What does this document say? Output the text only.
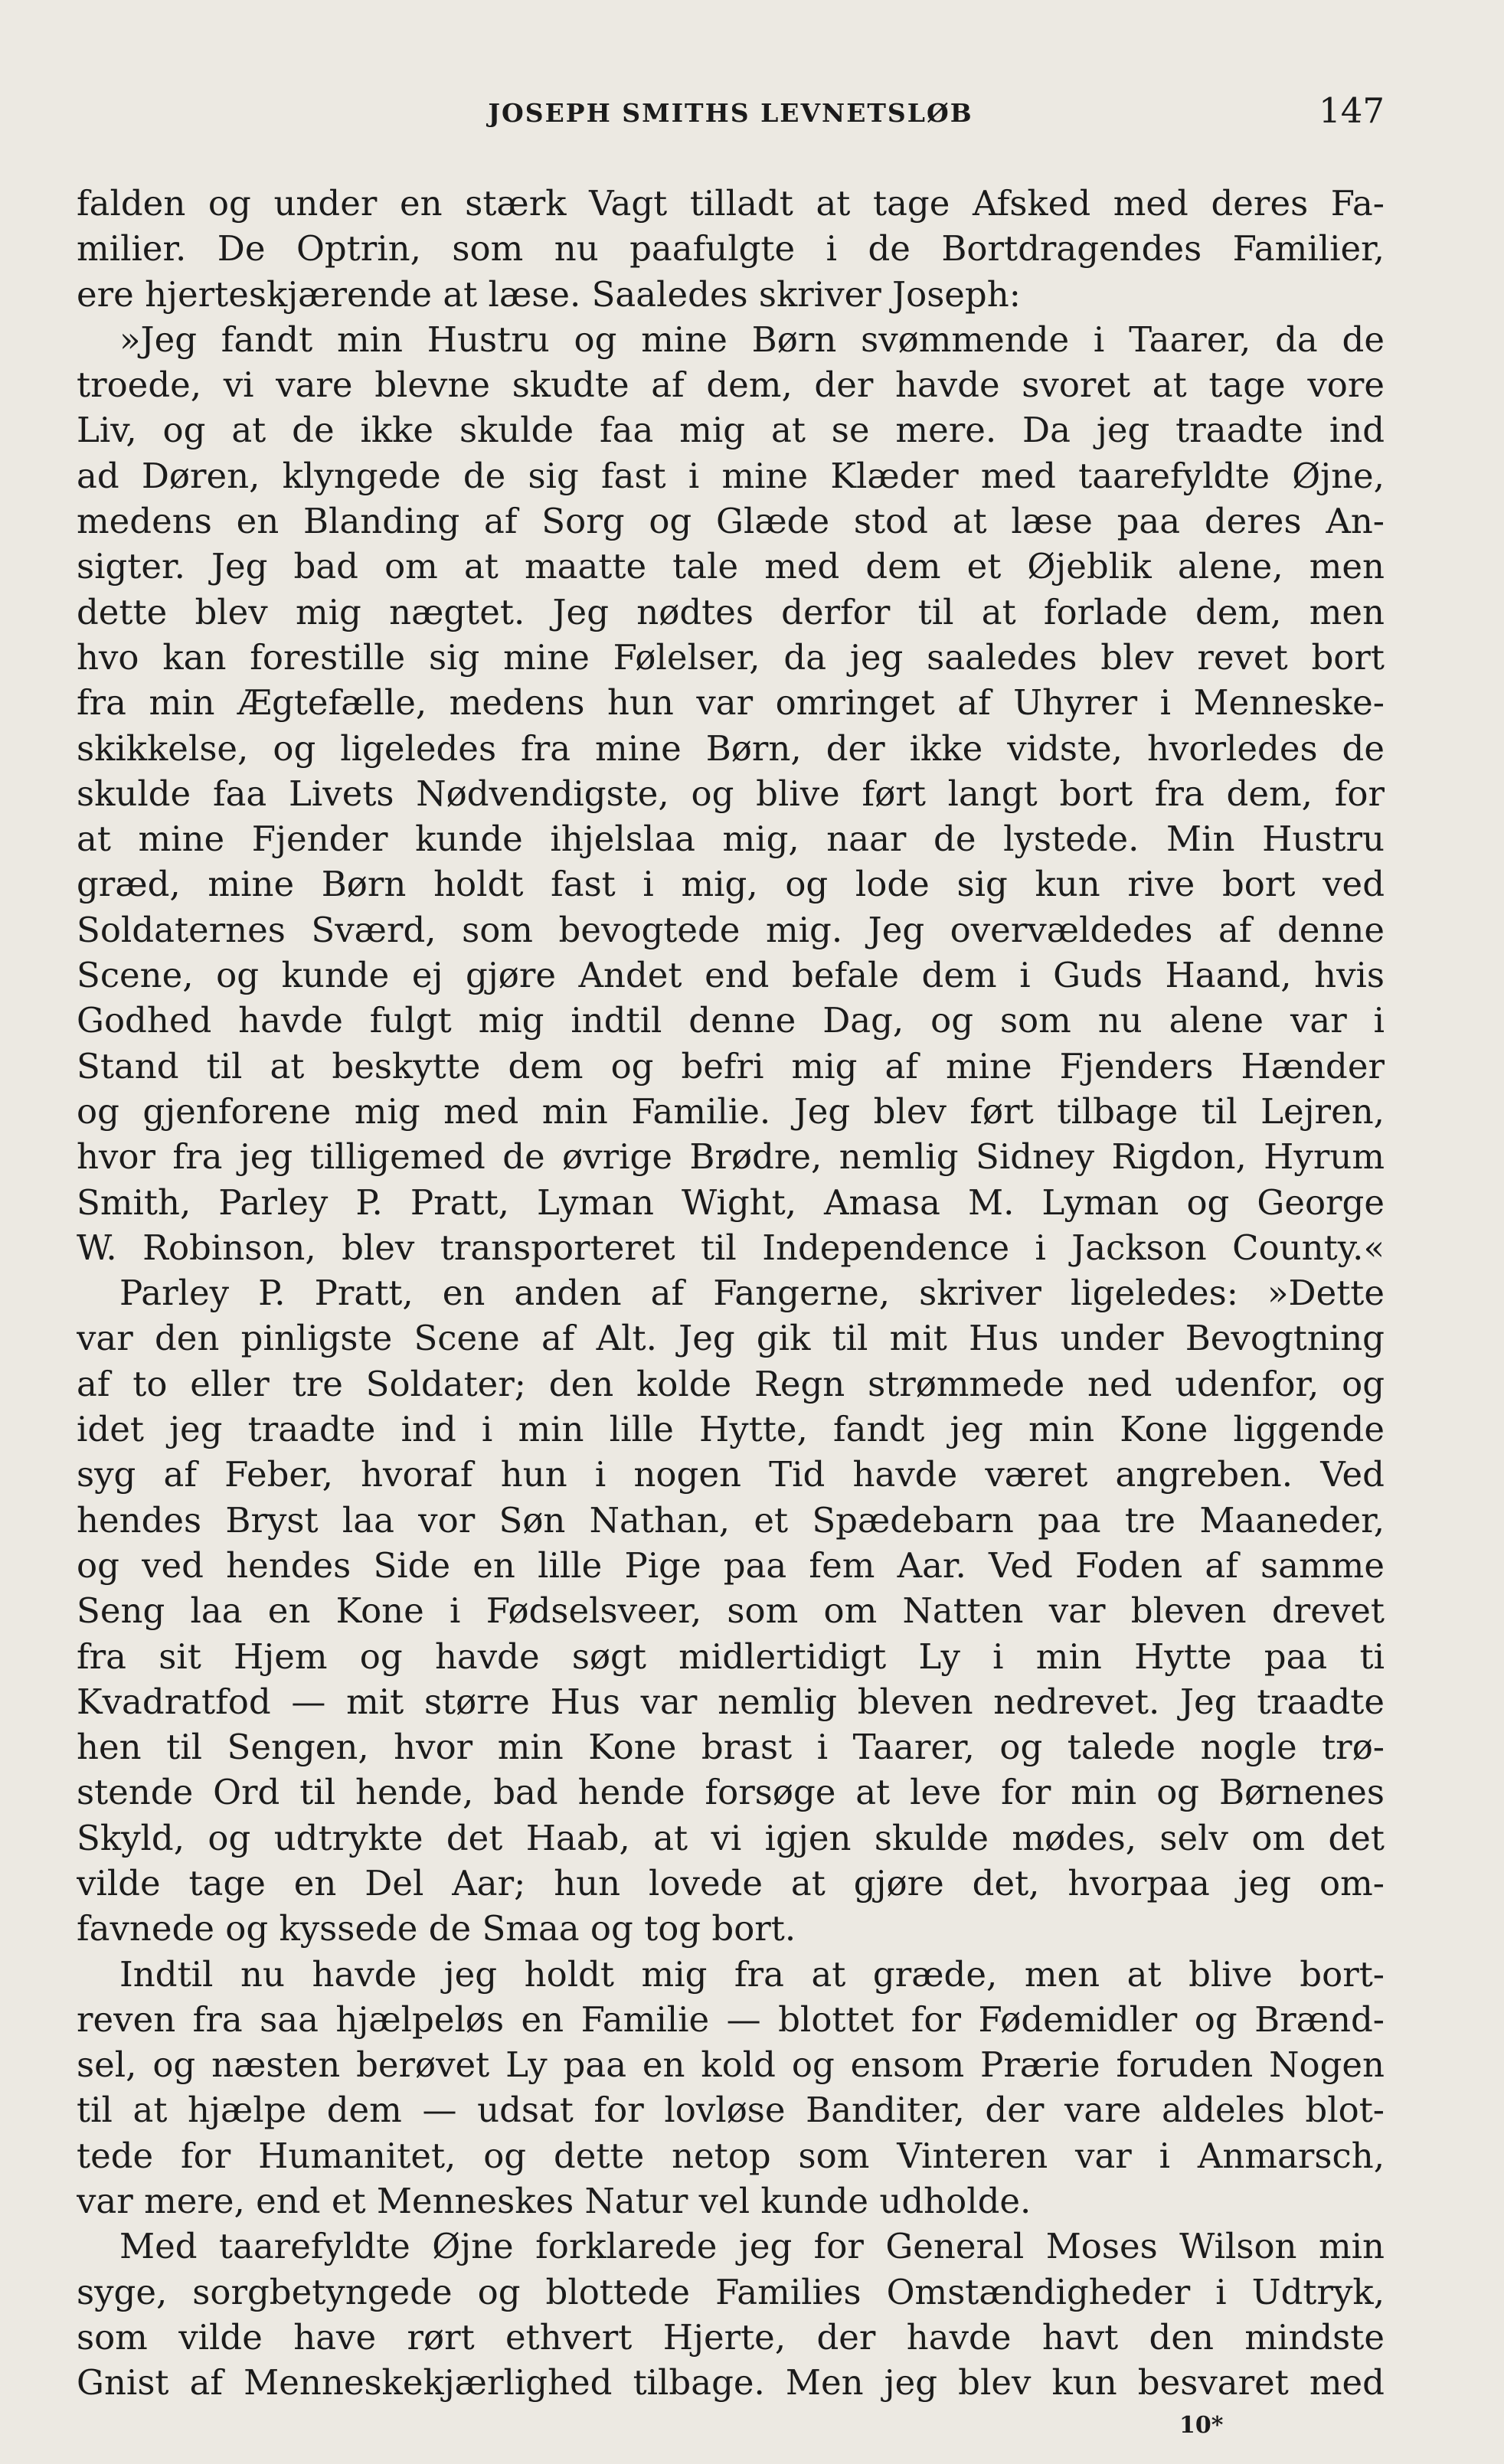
JOSEPH SMITHS LEVNETSLØB	147
falden og under en stærk Vagt tilladt at tage Afsked med deres Fa-
milier. De Optrin, som nu paafulgte i de Bortdragendes Familier,
ere hjerteskjærende at læse. Saaledes skriver Joseph:
»Jeg fandt min Hustru og mine Børn svømmende i Taarer, da de
troede, vi vare blevne skudte af dem, der havde svoret at tage vore
Liv, og at de ikke skulde faa mig at se mere. Da jeg traadte ind
ad Døren, klyngede de sig fast i mine Klæder med taarefyldte Øjne,
medens en Blanding af Sorg og Glæde stod at læse paa deres An-
sigter. Jeg bad om at maatte tale med dem et Øjeblik alene, men
dette blev mig nægtet. Jeg nødtes derfor til at forlade dem, men
hvo kan forestille sig mine Følelser, da jeg saaledes blev revet bort
fra min Ægtefælle, medens hun var omringet af Uhyrer i Menneske-
skikkelse, og ligeledes fra mine Børn, der ikke vidste, hvorledes de
skulde faa Livets Nødvendigste, og blive ført langt bort fra dem, for
at mine Fjender kunde ihjelslaa mig, naar de lystede. Min Hustru
græd, mine Børn holdt fast i mig, og lode sig kun rive bort ved
Soldaternes Sværd, som bevogtede mig. Jeg overvældedes af denne
Scene, og kunde ej gjøre Andet end befale dem i Guds Haand, hvis
Godhed havde fulgt mig indtil denne Dag, og som nu alene var i
Stand til at beskytte dem og befri mig af mine Fjenders Hænder
og gjenforene mig med min Familie. Jeg blev ført tilbage til Lejren,
hvor fra jeg tilligemed de øvrige Brødre, nemlig Sidney Rigdon, Hyrum
Smith, Parley P. Pratt, Lyman Wight, Amasa M. Lyman og George
W. Robinson, blev transporteret til Independence i Jackson County.«
Parley P. Pratt, en anden af Fangerne, skriver ligeledes: »Dette
var den pinligste Scene af Alt. Jeg gik til mit Hus under Bevogtning
af to eller tre Soldater; den kolde Regn strømmede ned udenfor, og
idet jeg traadte ind i min lille Hytte, fandt jeg min Kone liggende
syg af Feber, hvoraf hun i nogen Tid havde været angreben. Ved
hendes Bryst laa vor Søn Nathan, et Spædebarn paa tre Maaneder,
og ved hendes Side en lille Pige paa fem Aar. Ved Foden af samme
Seng laa en Kone i Fødselsveer, som om Natten var bleven drevet
fra sit Hjem og havde søgt midlertidigt Ly i min Hytte paa ti
Kvadratfod — mit større Hus var nemlig bleven nedrevet. Jeg traadte
hen til Sengen, hvor min Kone brast i Taarer, og talede nogle trø-
stende Ord til hende, bad hende forsøge at leve for min og Børnenes
Skyld, og udtrykte det Haab, at vi igjen skulde mødes, selv om det
vilde tage en Del Aar; hun lovede at gjøre det, hvorpaa jeg om-
favnede og kyssede de Smaa og tog bort.
Indtil nu havde jeg holdt mig fra at græde, men at blive bort-
reven fra saa hjælpeløs en Familie — blottet for Fødemidler og Brænd-
sel, og næsten berøvet Ly paa en kold og ensom Prærie foruden Nogen
til at hjælpe dem — udsat for lovløse Banditer, der vare aldeles blot-
tede for Humanitet, og dette netop som Vinteren var i Anmarsch,
var mere, end et Menneskes Natur vel kunde udholde.
Med taarefyldte Øjne forklarede jeg for General Moses Wilson min
syge, sorgbetyngede og blottede Families Omstændigheder i Udtryk,
som vilde have rørt ethvert Hjerte, der havde havt den mindste
Gnist af Menneskekjærlighed tilbage. Men jeg blev kun besvaret med
10*
